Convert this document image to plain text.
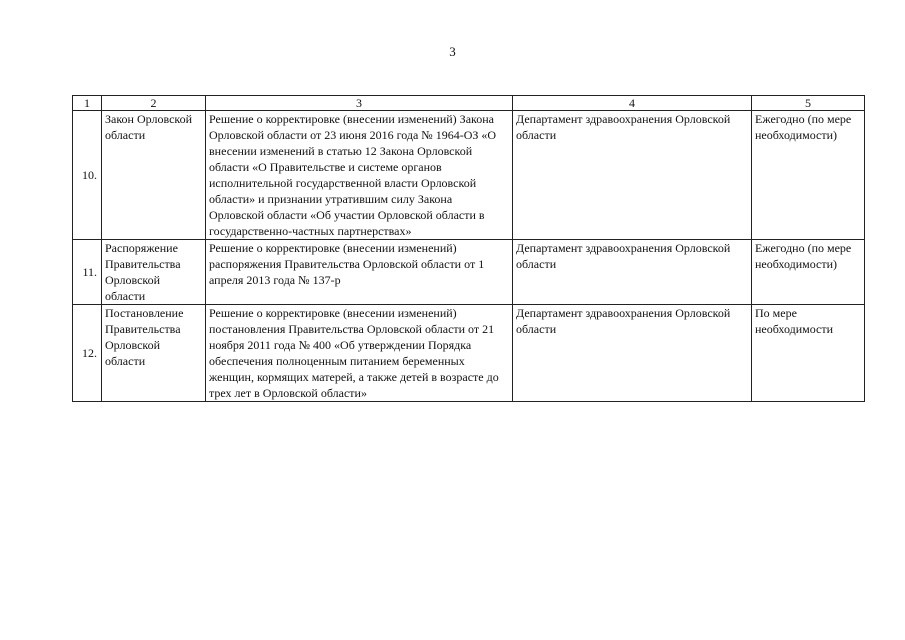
3
1	2	3	4	5
10.	Закон Орловской области	Решение о корректировке (внесении изменений) Закона Орловской области от 23 июня 2016 года № 1964-ОЗ «О внесении изменений в статью 12 Закона Орловской области «О Правительстве и системе органов исполнительной государственной власти Орловской области» и признании утратившим силу Закона Орловской области «Об участии Орловской области в государственно-частных партнерствах»	Департамент здравоохранения Орловской области	Ежегодно (по мере необходимости)
11.	Распоряжение Правительства Орловской области	Решение о корректировке (внесении изменений) распоряжения Правительства Орловской области от 1 апреля 2013 года № 137-р	Департамент здравоохранения Орловской области	Ежегодно (по мере необходимости)
12.	Постановление Правительства Орловской области	Решение о корректировке (внесении изменений) постановления Правительства Орловской области от 21 ноября 2011 года № 400 «Об утверждении Порядка обеспечения полноценным питанием беременных женщин, кормящих матерей, а также детей в возрасте до трех лет в Орловской области»	Департамент здравоохранения Орловской области	По мере необходимости
